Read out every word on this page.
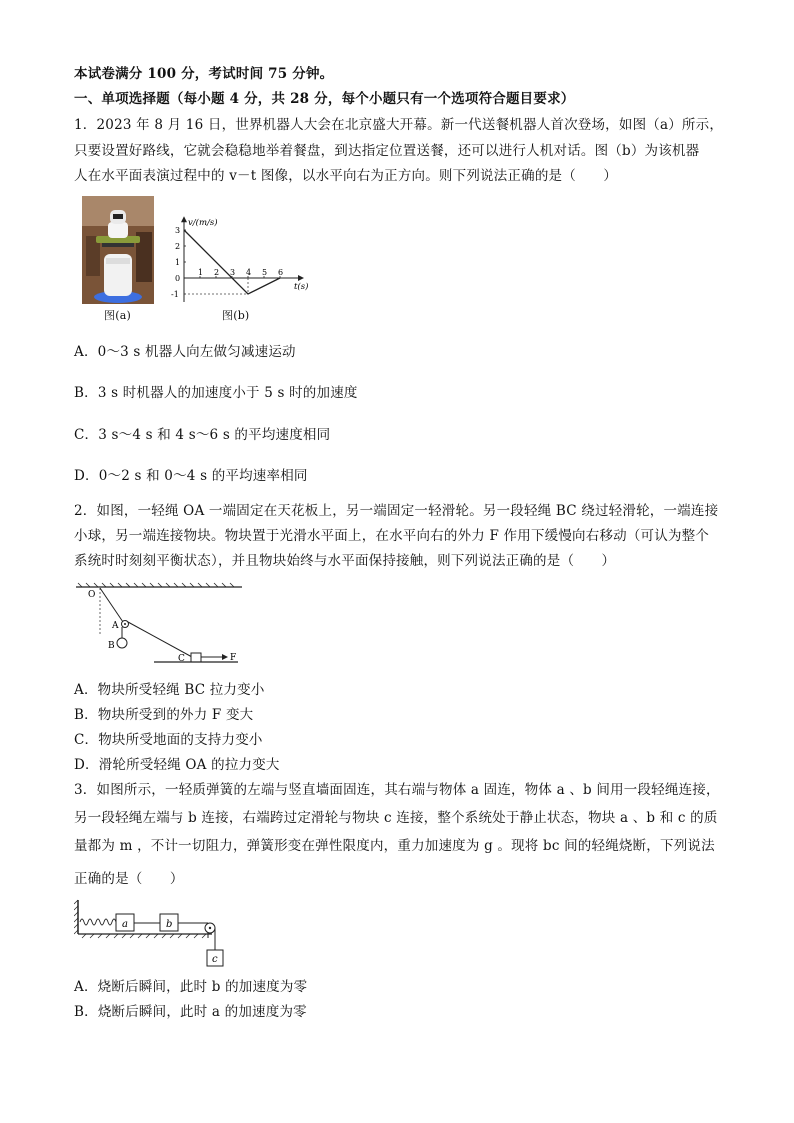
本试卷满分 100 分，考试时间 75 分钟。
一、单项选择题（每小题 4 分，共 28 分，每个小题只有一个选项符合题目要求）
1．2023 年 8 月 16 日，世界机器人大会在北京盛大开幕。新一代送餐机器人首次登场，如图（a）所示，
只要设置好路线，它就会稳稳地举着餐盘，到达指定位置送餐，还可以进行人机对话。图（b）为该机器
人在水平面表演过程中的 v－t 图像，以水平向右为正方向。则下列说法正确的是（　　）
图(a)
3
2
1
0
-1
1 2 3 4 5 6
v/(m/s)
t(s)
图(b)
A．0～3 s 机器人向左做匀减速运动
B．3 s 时机器人的加速度小于 5 s 时的加速度
C．3 s～4 s 和 4 s～6 s 的平均速度相同
D．0～2 s 和 0～4 s 的平均速率相同
2．如图，一轻绳 OA 一端固定在天花板上，另一端固定一轻滑轮。另一段轻绳 BC 绕过轻滑轮，一端连接
小球，另一端连接物块。物块置于光滑水平面上，在水平向右的外力 F 作用下缓慢向右移动（可认为整个
系统时时刻刻平衡状态），并且物块始终与水平面保持接触，则下列说法正确的是（　　）
O
A
B
C	F
A．物块所受轻绳 BC 拉力变小
B．物块所受到的外力 F 变大
C．物块所受地面的支持力变小
D．滑轮所受轻绳 OA 的拉力变大
3．如图所示，一轻质弹簧的左端与竖直墙面固连，其右端与物体 a 固连，物体 a 、b 间用一段轻绳连接，
另一段轻绳左端与 b 连接，右端跨过定滑轮与物块 c 连接，整个系统处于静止状态，物块 a 、b 和 c 的质
量都为 m ，不计一切阻力，弹簧形变在弹性限度内，重力加速度为 g 。现将 bc 间的轻绳烧断，下列说法
正确的是（　　）
a	b
c
A．烧断后瞬间，此时 b 的加速度为零
B．烧断后瞬间，此时 a 的加速度为零
